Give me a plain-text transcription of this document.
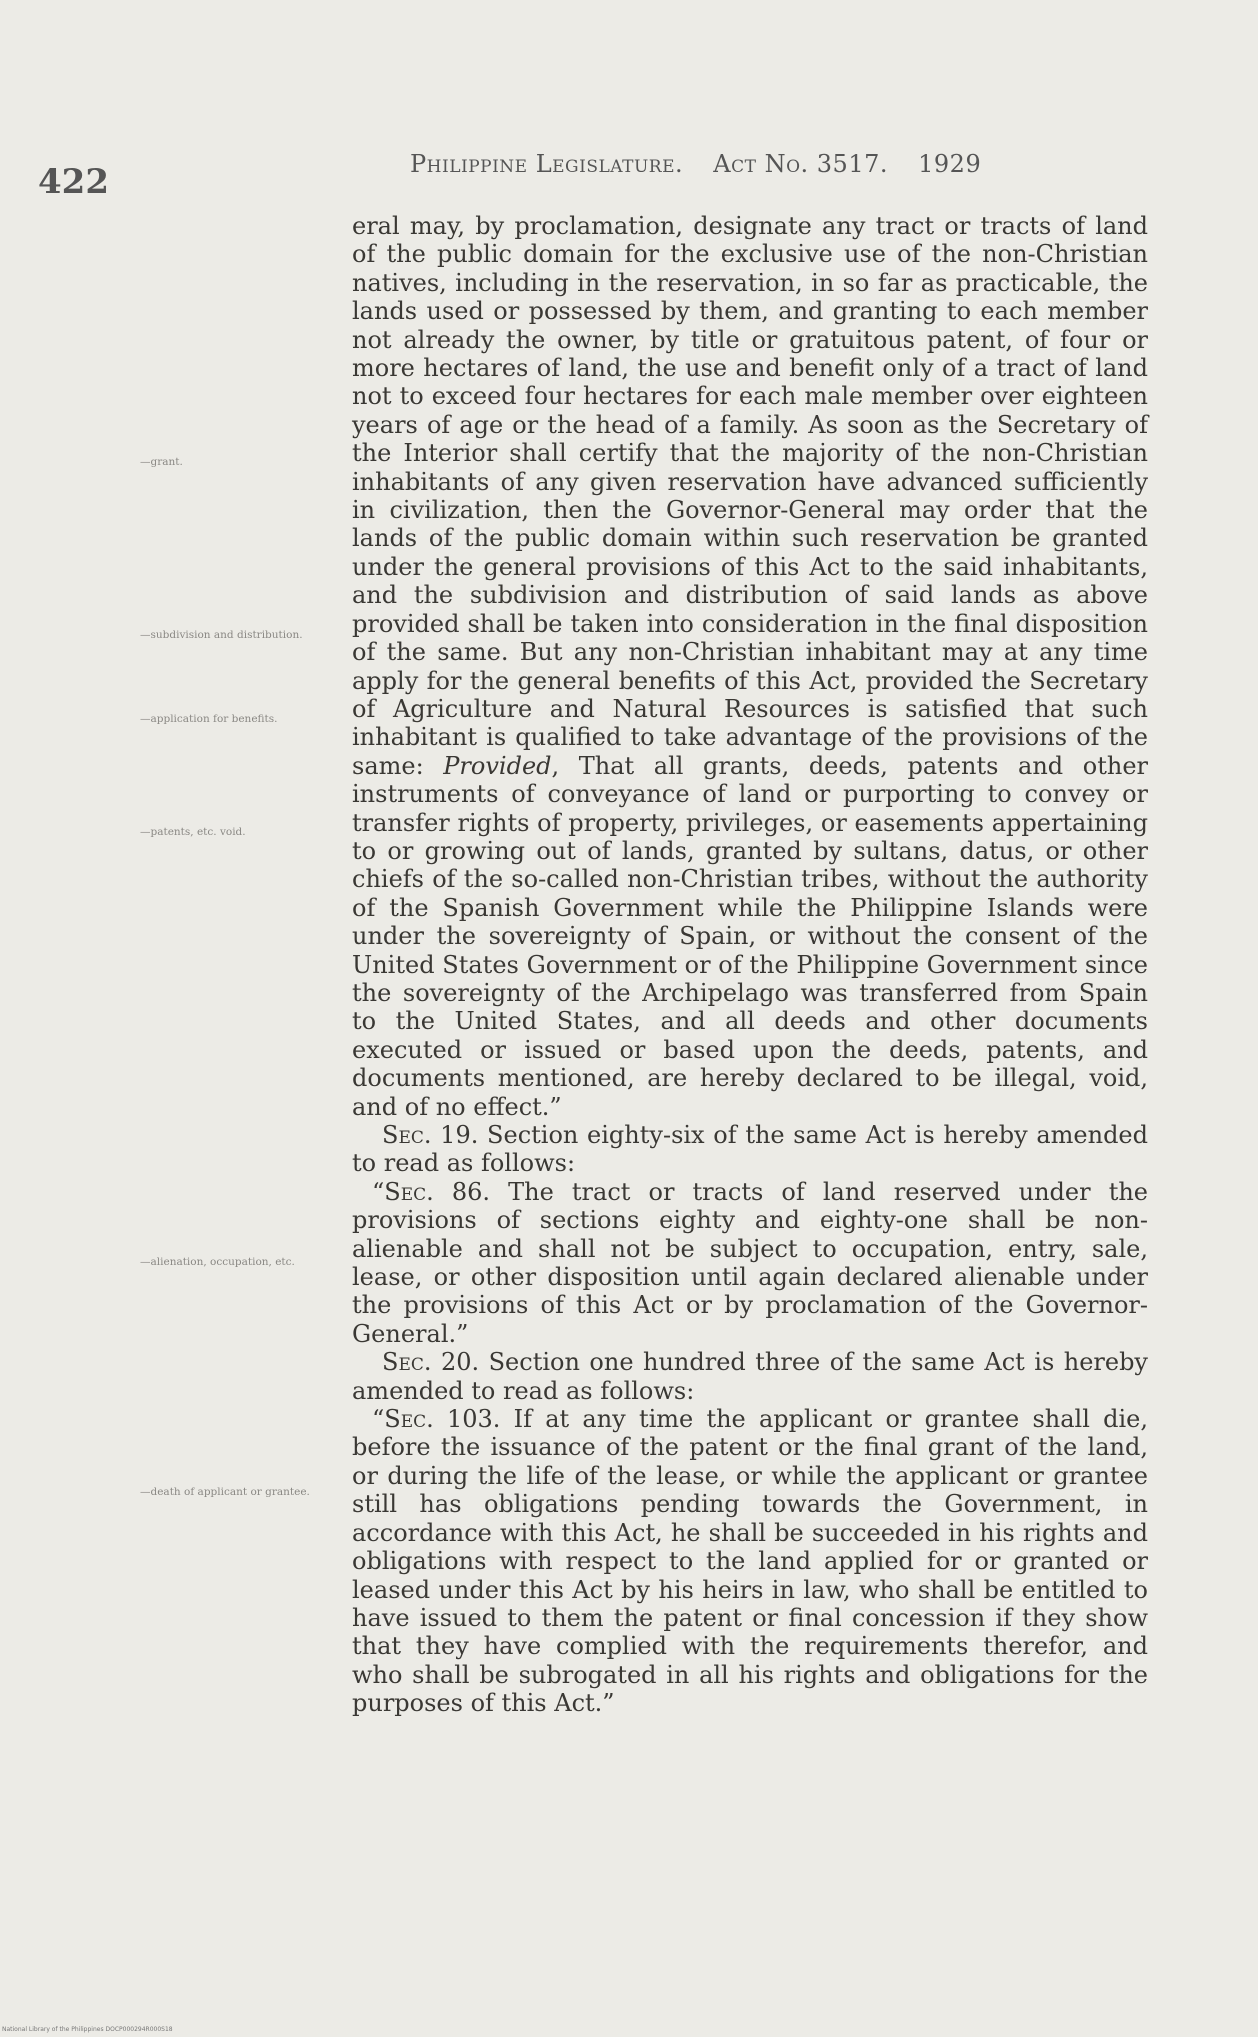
422	Philippine Legislature. Act No. 3517. 1929
—grant.
—subdivision and distribution.
—application for benefits.
—patents, etc. void.
—alienation, occupation, etc.
—death of applicant or grantee.

eral may, by proclamation, designate any tract or tracts of land of the public domain for the exclusive use of the non-Christian natives, including in the reservation, in so far as practicable, the lands used or possessed by them, and granting to each member not already the owner, by title or gratuitous patent, of four or more hectares of land, the use and benefit only of a tract of land not to exceed four hectares for each male member over eighteen years of age or the head of a family. As soon as the Secretary of the Interior shall certify that the majority of the non-Christian inhabitants of any given reservation have advanced sufficiently in civilization, then the Governor-General may order that the lands of the public domain within such reservation be granted under the general provisions of this Act to the said inhabitants, and the subdivision and distribution of said lands as above provided shall be taken into consideration in the final disposition of the same. But any non-Christian inhabitant may at any time apply for the general benefits of this Act, provided the Secretary of Agriculture and Natural Resources is satisfied that such inhabitant is qualified to take advantage of the provisions of the same: Provided, That all grants, deeds, patents and other instruments of conveyance of land or purporting to convey or transfer rights of property, privileges, or easements appertaining to or growing out of lands, granted by sultans, datus, or other chiefs of the so-called non-Christian tribes, without the authority of the Spanish Government while the Philippine Islands were under the sovereignty of Spain, or without the consent of the United States Government or of the Philippine Government since the sovereignty of the Archipelago was transferred from Spain to the United States, and all deeds and other documents executed or issued or based upon the deeds, patents, and documents mentioned, are hereby declared to be illegal, void, and of no effect.”

Sec. 19. Section eighty-six of the same Act is hereby amended to read as follows:

“Sec. 86. The tract or tracts of land reserved under the provisions of sections eighty and eighty-one shall be non-alienable and shall not be subject to occupation, entry, sale, lease, or other disposition until again declared alienable under the provisions of this Act or by proclamation of the Governor-General.”

Sec. 20. Section one hundred three of the same Act is hereby amended to read as follows:

“Sec. 103. If at any time the applicant or grantee shall die, before the issuance of the patent or the final grant of the land, or during the life of the lease, or while the applicant or grantee still has obligations pending towards the Government, in accordance with this Act, he shall be succeeded in his rights and obligations with respect to the land applied for or granted or leased under this Act by his heirs in law, who shall be entitled to have issued to them the patent or final concession if they show that they have complied with the requirements therefor, and who shall be subrogated in all his rights and obligations for the purposes of this Act.”

National Library of the Philippines DOCP000294R000S18
